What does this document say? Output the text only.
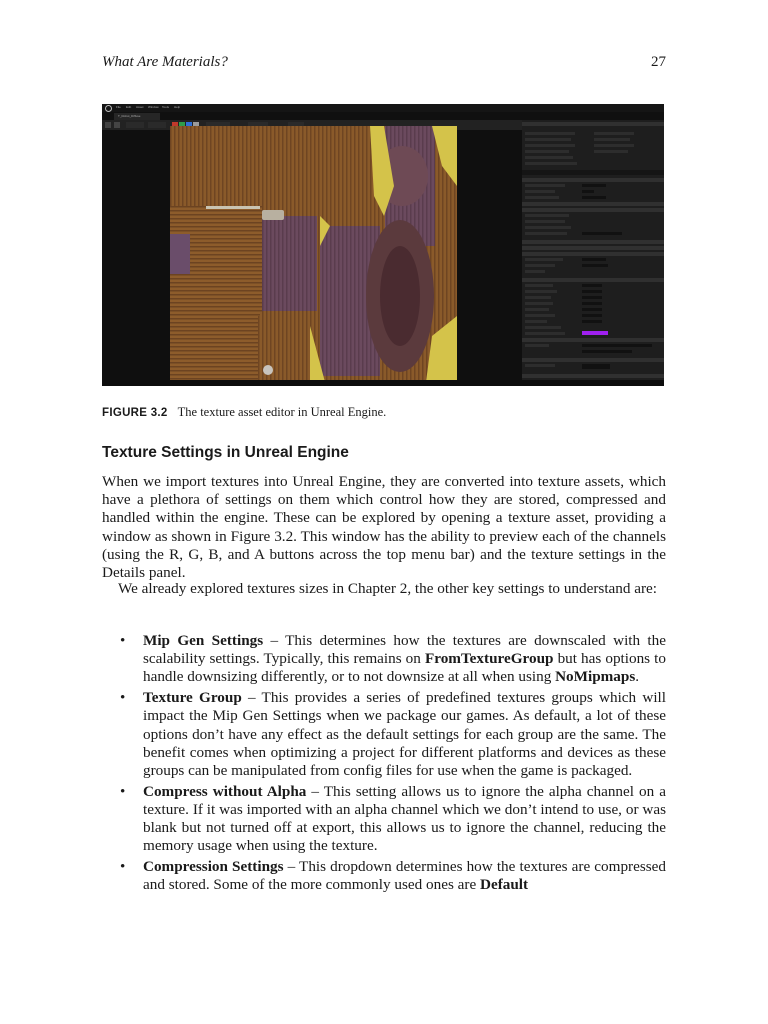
What Are Materials?	27
File Edit Asset Window Tools Help
T_Robot_Diffuse
FIGURE 3.2 The texture asset editor in Unreal Engine.
Texture Settings in Unreal Engine

When we import textures into Unreal Engine, they are converted into texture assets, which have a plethora of settings on them which control how they are stored, compressed and handled within the engine. These can be explored by opening a texture asset, providing a window as shown in Figure 3.2. This window has the ability to preview each of the channels (using the R, G, B, and A buttons across the top menu bar) and the texture settings in the Details panel.

We already explored textures sizes in Chapter 2, the other key settings to understand are:

• Mip Gen Settings – This determines how the textures are downscaled with the scalability settings. Typically, this remains on FromTextureGroup but has options to handle downsizing differently, or to not downsize at all when using NoMipmaps.
• Texture Group – This provides a series of predefined textures groups which will impact the Mip Gen Settings when we package our games. As default, a lot of these options don’t have any effect as the default settings for each group are the same. The benefit comes when optimizing a project for different platforms and devices as these groups can be manipulated from config files for use when the game is packaged.
• Compress without Alpha – This setting allows us to ignore the alpha channel on a texture. If it was imported with an alpha channel which we don’t intend to use, or was blank but not turned off at export, this allows us to ignore the channel, reducing the memory usage when using the texture.
• Compression Settings – This dropdown determines how the textures are compressed and stored. Some of the more commonly used ones are Default
